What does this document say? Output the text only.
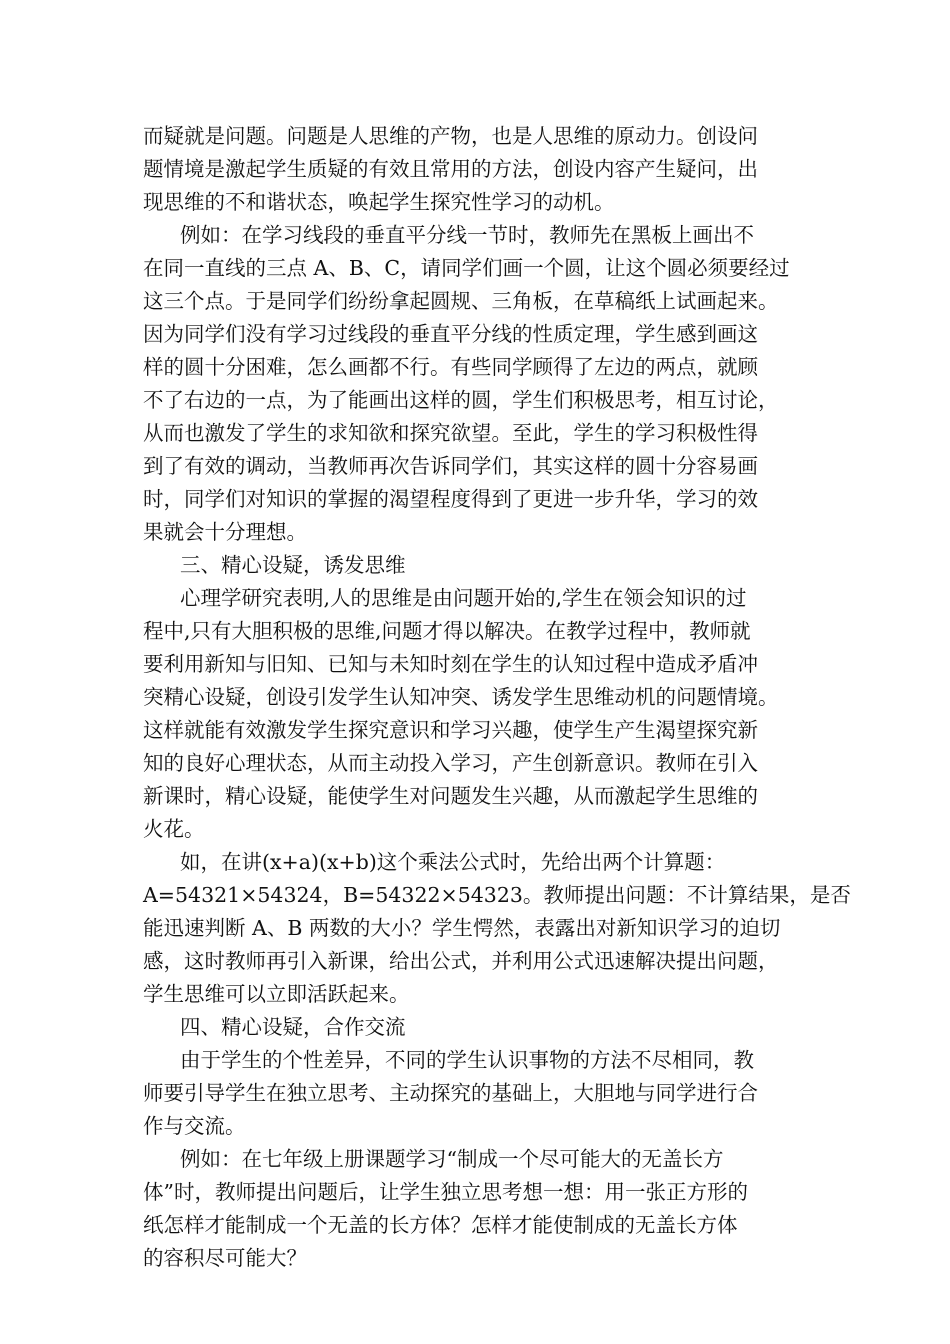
而疑就是问题。问题是人思维的产物，也是人思维的原动力。创设问
题情境是激起学生质疑的有效且常用的方法，创设内容产生疑问，出
现思维的不和谐状态，唤起学生探究性学习的动机。
例如：在学习线段的垂直平分线一节时，教师先在黑板上画出不
在同一直线的三点 A、B、C，请同学们画一个圆，让这个圆必须要经过
这三个点。于是同学们纷纷拿起圆规、三角板，在草稿纸上试画起来。
因为同学们没有学习过线段的垂直平分线的性质定理，学生感到画这
样的圆十分困难，怎么画都不行。有些同学顾得了左边的两点，就顾
不了右边的一点，为了能画出这样的圆，学生们积极思考，相互讨论，
从而也激发了学生的求知欲和探究欲望。至此，学生的学习积极性得
到了有效的调动，当教师再次告诉同学们，其实这样的圆十分容易画
时，同学们对知识的掌握的渴望程度得到了更进一步升华，学习的效
果就会十分理想。
三、精心设疑，诱发思维
心理学研究表明,人的思维是由问题开始的,学生在领会知识的过
程中,只有大胆积极的思维,问题才得以解决。在教学过程中，教师就
要利用新知与旧知、已知与未知时刻在学生的认知过程中造成矛盾冲
突精心设疑，创设引发学生认知冲突、诱发学生思维动机的问题情境。
这样就能有效激发学生探究意识和学习兴趣，使学生产生渴望探究新
知的良好心理状态，从而主动投入学习，产生创新意识。教师在引入
新课时，精心设疑，能使学生对问题发生兴趣，从而激起学生思维的
火花。
如，在讲(x+a)(x+b)这个乘法公式时，先给出两个计算题：
A=54321×54324，B=54322×54323。教师提出问题：不计算结果，是否
能迅速判断 A、B 两数的大小？学生愕然，表露出对新知识学习的迫切
感，这时教师再引入新课，给出公式，并利用公式迅速解决提出问题，
学生思维可以立即活跃起来。
四、精心设疑，合作交流
由于学生的个性差异，不同的学生认识事物的方法不尽相同，教
师要引导学生在独立思考、主动探究的基础上，大胆地与同学进行合
作与交流。
例如：在七年级上册课题学习“制成一个尽可能大的无盖长方
体”时，教师提出问题后，让学生独立思考想一想：用一张正方形的
纸怎样才能制成一个无盖的长方体？怎样才能使制成的无盖长方体
的容积尽可能大？
